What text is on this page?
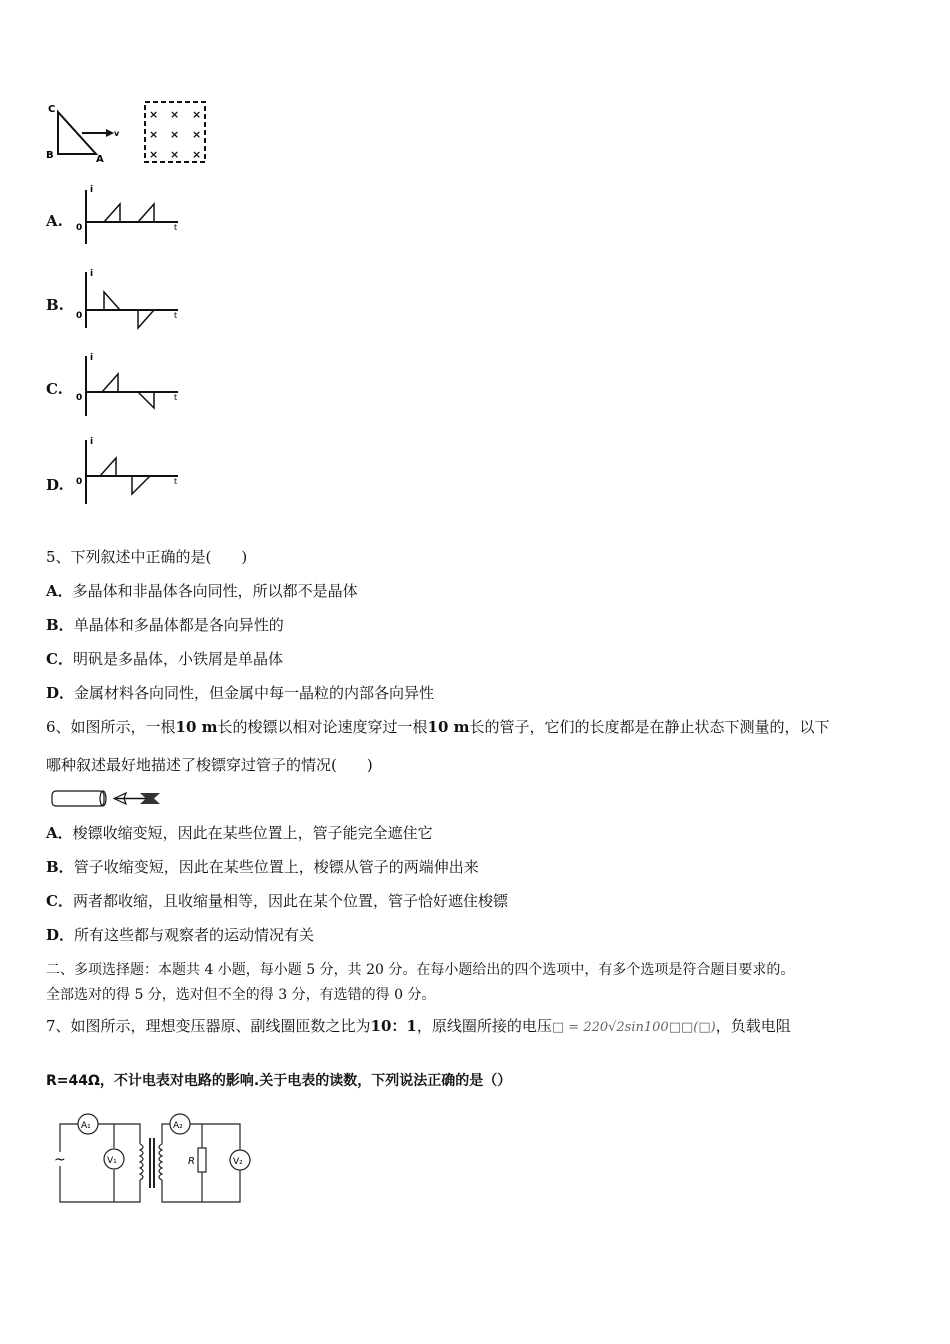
C
B	A
v
× × ×
× × ×
× × ×
A.
i
0	t
B.
i
0	t
C.
i
0	t
D.
i
0	t
5、下列叙述中正确的是(　　)
A．多晶体和非晶体各向同性，所以都不是晶体
B．单晶体和多晶体都是各向异性的
C．明矾是多晶体，小铁屑是单晶体
D．金属材料各向同性，但金属中每一晶粒的内部各向异性
6、如图所示，一根10 m长的梭镖以相对论速度穿过一根10 m长的管子，它们的长度都是在静止状态下测量的，以下
哪种叙述最好地描述了梭镖穿过管子的情况(　　)
A．梭镖收缩变短，因此在某些位置上，管子能完全遮住它
B．管子收缩变短，因此在某些位置上，梭镖从管子的两端伸出来
C．两者都收缩，且收缩量相等，因此在某个位置，管子恰好遮住梭镖
D．所有这些都与观察者的运动情况有关
二、多项选择题：本题共 4 小题，每小题 5 分，共 20 分。在每小题给出的四个选项中，有多个选项是符合题目要求的。
全部选对的得 5 分，选对但不全的得 3 分，有选错的得 0 分。
7、如图所示，理想变压器原、副线圈匝数之比为10：1，原线圈所接的电压□ = 220√2sin100□□(□)，负载电阻
R=44Ω，不计电表对电路的影响.关于电表的读数，下列说法正确的是（）
A₁
V₁
A₂
V₂
R
~
